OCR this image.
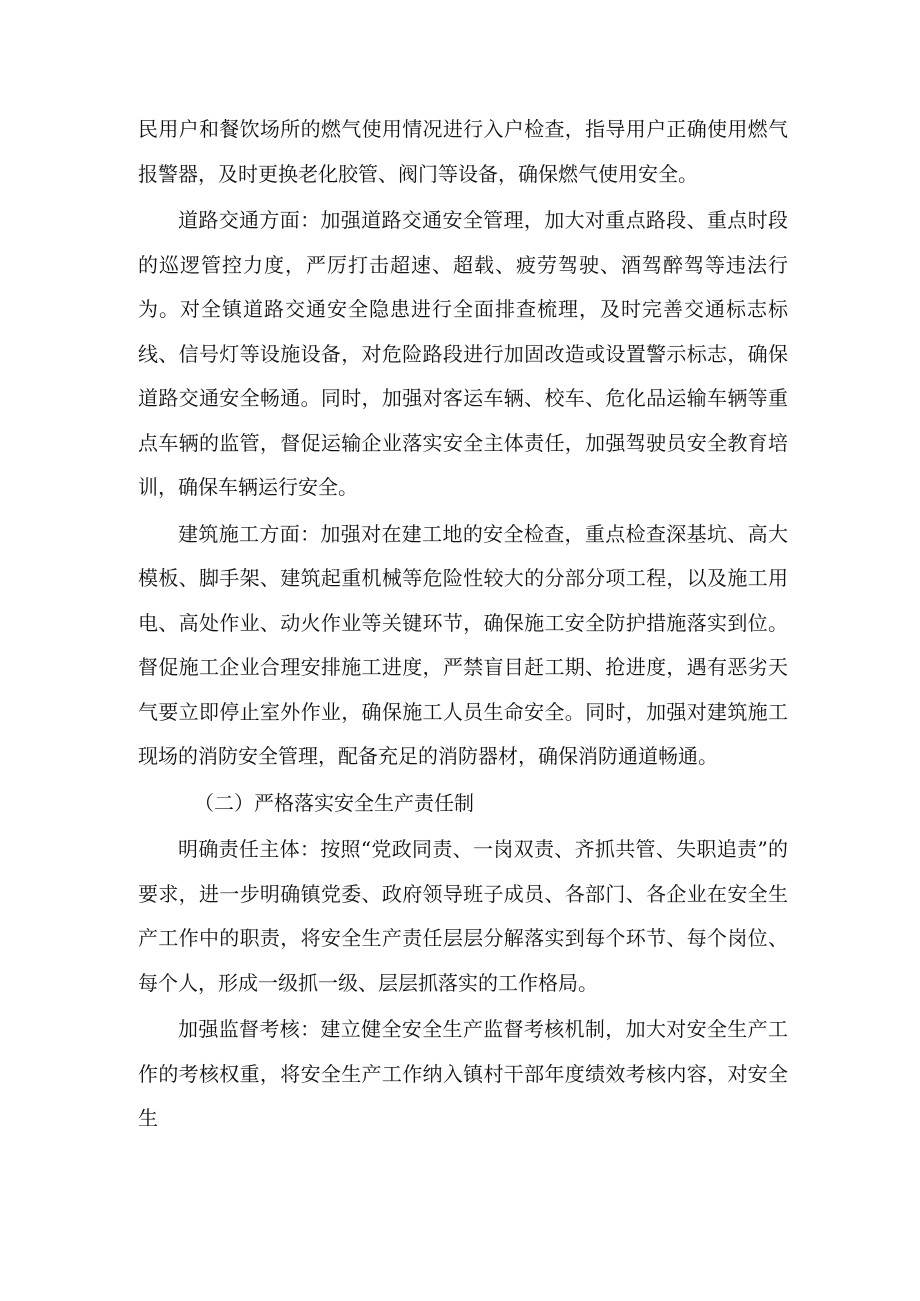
民用户和餐饮场所的燃气使用情况进行入户检查，指导用户正确使用燃气报警器，及时更换老化胶管、阀门等设备，确保燃气使用安全。

道路交通方面：加强道路交通安全管理，加大对重点路段、重点时段的巡逻管控力度，严厉打击超速、超载、疲劳驾驶、酒驾醉驾等违法行为。对全镇道路交通安全隐患进行全面排查梳理，及时完善交通标志标线、信号灯等设施设备，对危险路段进行加固改造或设置警示标志，确保道路交通安全畅通。同时，加强对客运车辆、校车、危化品运输车辆等重点车辆的监管，督促运输企业落实安全主体责任，加强驾驶员安全教育培训，确保车辆运行安全。

建筑施工方面：加强对在建工地的安全检查，重点检查深基坑、高大模板、脚手架、建筑起重机械等危险性较大的分部分项工程，以及施工用电、高处作业、动火作业等关键环节，确保施工安全防护措施落实到位。督促施工企业合理安排施工进度，严禁盲目赶工期、抢进度，遇有恶劣天气要立即停止室外作业，确保施工人员生命安全。同时，加强对建筑施工现场的消防安全管理，配备充足的消防器材，确保消防通道畅通。

（二）严格落实安全生产责任制

明确责任主体：按照“党政同责、一岗双责、齐抓共管、失职追责”的要求，进一步明确镇党委、政府领导班子成员、各部门、各企业在安全生产工作中的职责，将安全生产责任层层分解落实到每个环节、每个岗位、每个人，形成一级抓一级、层层抓落实的工作格局。

加强监督考核：建立健全安全生产监督考核机制，加大对安全生产工作的考核权重，将安全生产工作纳入镇村干部年度绩效考核内容，对安全生
